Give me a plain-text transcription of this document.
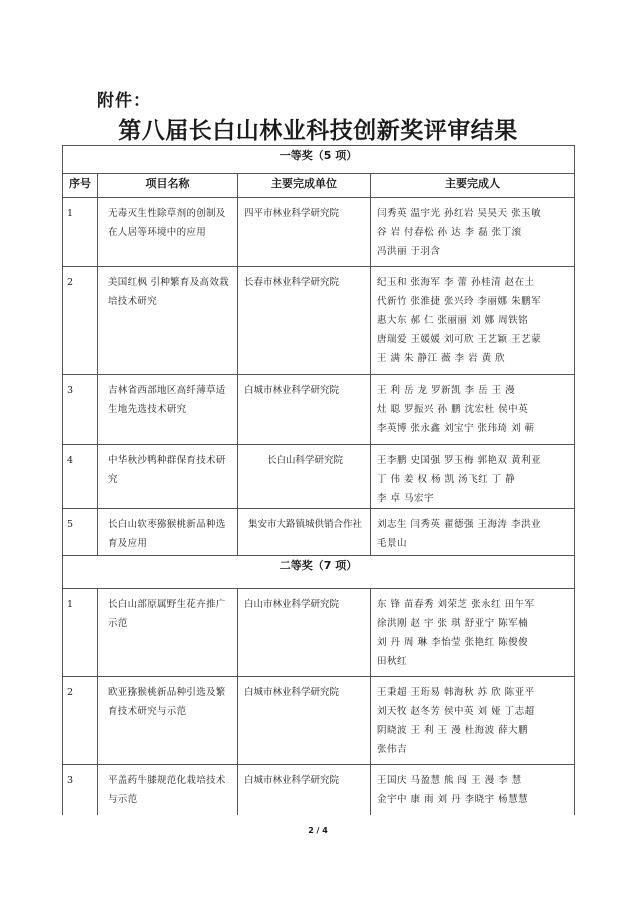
附件：
第八届长白山林业科技创新奖评审结果
一等奖（5 项）			
序号	项目名称	主要完成单位	主要完成人
1	无毒灭生性除草剂的创制及在人居等环境中的应用	四平市林业科学研究院	闫秀英 温宇光 孙红岩 吴昊天 张玉敏
谷 岩 付春松 孙 达 李 磊 张丁滚
冯洪丽 于羽含

2	美国红枫 引种繁育及高效栽培技术研究	长春市林业科学研究院	纪玉和 张海军 李 蕾 孙桂清 赵在土
代新竹 张淮捷 张兴玲 李丽娜 朱鹏军
惠大东 郝 仁 张丽丽 刘 娜 周铁铭
唐瑞爱 王媛媛 刘可欣 王艺颖 王艺蒙
王 满 朱 静江 薇 李 岩 黄 欣

3	吉林省西部地区高纤薄草适生地先选技术研究	白城市林业科学研究院	王 利 岳 龙 罗新凯 李 岳 王 漫
灶 聪 罗振兴 孙 鹏 沈宏杜 侯中英
李英博 张永鑫 刘宝宁 张玮琦 刘 蕲

4	中华秋沙鸭种群保育技术研究	长白山科学研究院	王李鹏 史国强 罗玉梅 郭艳双 黄利亚
丁 伟 姜 权 杨 凯 汤飞红 丁 静
李 卓 马宏宇

5	长白山软枣猕猴桃新品种选育及应用	集安市大路镇城供销合作社	刘志生 闫秀英 翟德强 王海涛 李洪业
毛景山

二等奖（7 项）			
1	长白山部原属野生花卉推广示范	白山市林业科学研究院	东 锋 苗春秀 刘荣芝 张永红 田午军
徐洪刚 赵 宇 张 琪 舒亚宁 陈军楠
刘 丹 周 琳 李怡莹 张艳红 陈俊俊
田秋红

2	欧亚猕猴桃新品种引选及繁育技术研究与示范	白城市林业科学研究院	王秉超 王珩易 韩海秋 苏 欣 陈亚平
刘天牧 赵冬芳 侯中英 刘 娅 丁志超
阴晓波 王 利 王 漫 杜海波 薛大鹏
张伟吉

3	平盖药牛膝规范化栽培技术与示范	白城市林业科学研究院	王国庆 马盈慧 熊 闯 王 漫 李 慧
金宇中 康 雨 刘 丹 李晓宇 杨慧慧
2 / 4
